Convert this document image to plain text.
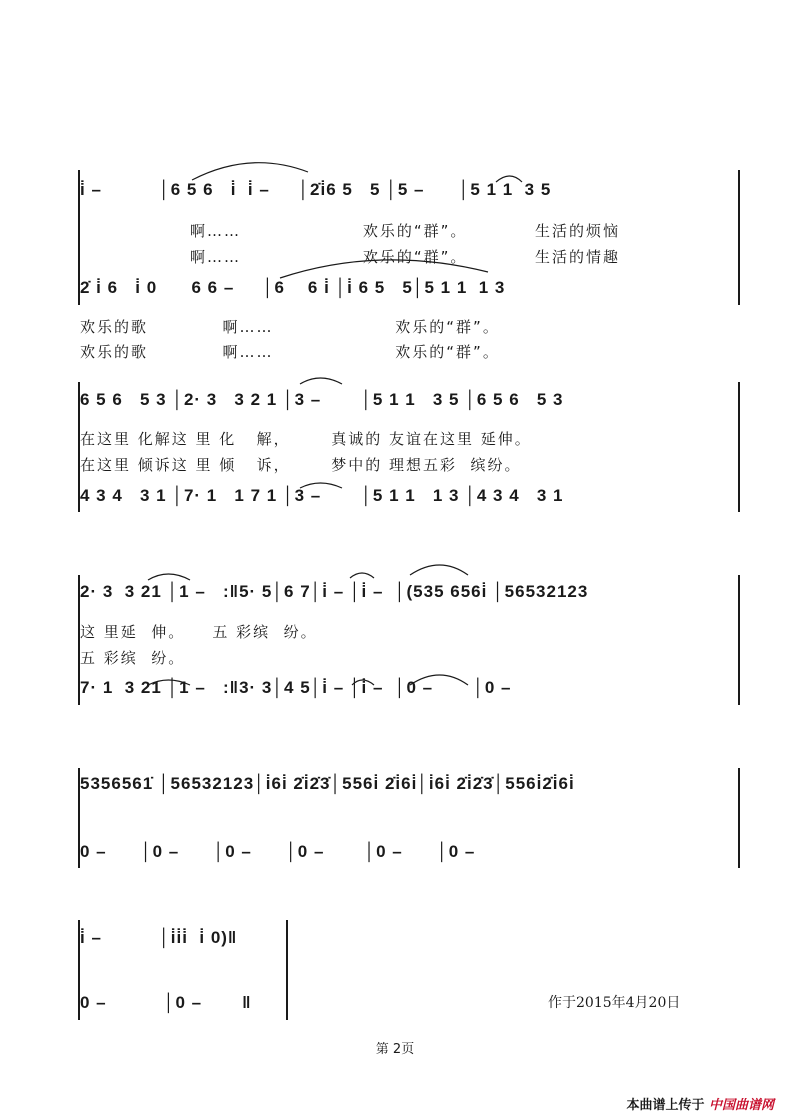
i̇ –          │6 5 6   i̇  i̇ –     │2̇i̇6 5   5 │5 –      │5 1 1  3 5
啊……                  欢乐的“群”。          生活的烦恼
啊……                  欢乐的“群”。          生活的情趣
2̇ i̇ 6   i̇ 0      6 6 –     │6    6 i̇ │i̇ 6 5   5│5 1 1  1 3
欢乐的歌           啊……                  欢乐的“群”。
欢乐的歌           啊……                  欢乐的“群”。
6 5 6   5 3 │2· 3   3 2 1 │3 –       │5 1 1   3 5 │6 5 6   5 3
在这里 化解这 里 化   解，      真诚的 友谊在这里 延伸。
在这里 倾诉这 里 倾   诉，      梦中的 理想五彩  缤纷。
4 3 4   3 1 │7· 1   1 7 1 │3 –       │5 1 1   1 3 │4 3 4   3 1
2· 3  3 21 │1 –   :‖5· 5│6 7│i̇ – │i̇ –  │(535 656i̇ │56532123
这 里延  伸。    五 彩缤  纷。
五 彩缤  纷。
7· 1  3 21 │1 –   :‖3· 3│4 5│i̇ – │i̇ –  │0 –       │0 –
5356561̇ │56532123│i̇6i̇ 2̇i̇2̇3̇│556i̇ 2̇i̇6i̇│i̇6i̇ 2̇i̇2̇3̇│556i̇2̇i̇6i̇
0 –      │0 –      │0 –      │0 –       │0 –      │0 –
i̇ –          │i̇i̇i̇  i̇ 0)‖
0 –          │0 –       ‖	作于2015年4月20日
第 2页
本曲谱上传于 中国曲谱网
